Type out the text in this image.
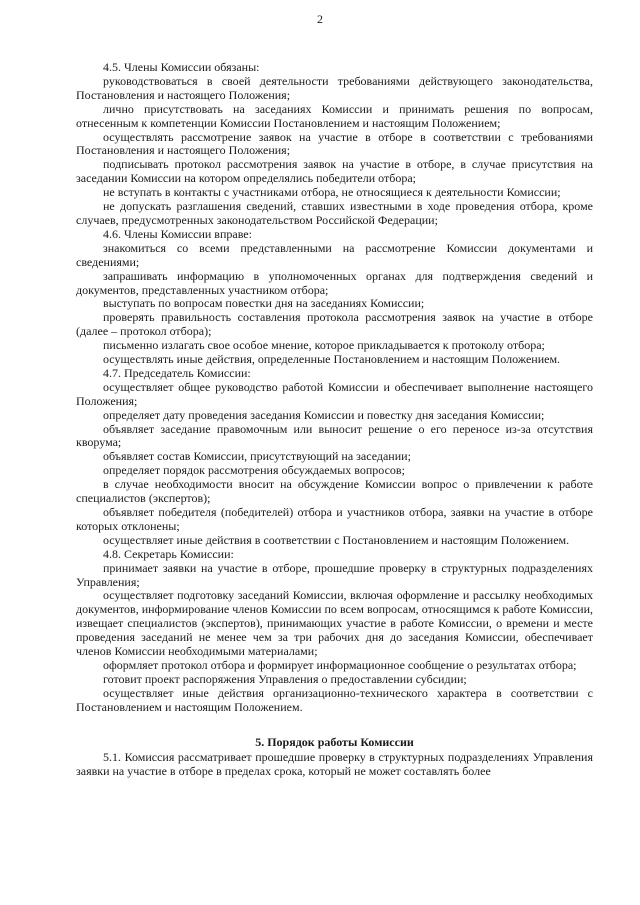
2

4.5. Члены Комиссии обязаны:

руководствоваться в своей деятельности требованиями действующего законодательства, Постановления и настоящего Положения;

лично присутствовать на заседаниях Комиссии и принимать решения по вопросам, отнесенным к компетенции Комиссии Постановлением и настоящим Положением;

осуществлять рассмотрение заявок на участие в отборе в соответствии с требованиями Постановления и настоящего Положения;

подписывать протокол рассмотрения заявок на участие в отборе, в случае присутствия на заседании Комиссии на котором определялись победители отбора;

не вступать в контакты с участниками отбора, не относящиеся к деятельности Комиссии;

не допускать разглашения сведений, ставших известными в ходе проведения отбора, кроме случаев, предусмотренных законодательством Российской Федерации;

4.6. Члены Комиссии вправе:

знакомиться со всеми представленными на рассмотрение Комиссии документами и сведениями;

запрашивать информацию в уполномоченных органах для подтверждения сведений и документов, представленных участником отбора;

выступать по вопросам повестки дня на заседаниях Комиссии;

проверять правильность составления протокола рассмотрения заявок на участие в отборе (далее – протокол отбора);

письменно излагать свое особое мнение, которое прикладывается к протоколу отбора;

осуществлять иные действия, определенные Постановлением и настоящим Положением.

4.7. Председатель Комиссии:

осуществляет общее руководство работой Комиссии и обеспечивает выполнение настоящего Положения;

определяет дату проведения заседания Комиссии и повестку дня заседания Комиссии;

объявляет заседание правомочным или выносит решение о его переносе из-за отсутствия кворума;

объявляет состав Комиссии, присутствующий на заседании;

определяет порядок рассмотрения обсуждаемых вопросов;

в случае необходимости вносит на обсуждение Комиссии вопрос о привлечении к работе специалистов (экспертов);

объявляет победителя (победителей) отбора и участников отбора, заявки на участие в отборе которых отклонены;

осуществляет иные действия в соответствии с Постановлением и настоящим Положением.

4.8. Секретарь Комиссии:

принимает заявки на участие в отборе, прошедшие проверку в структурных подразделениях Управления;

осуществляет подготовку заседаний Комиссии, включая оформление и рассылку необходимых документов, информирование членов Комиссии по всем вопросам, относящимся к работе Комиссии, извещает специалистов (экспертов), принимающих участие в работе Комиссии, о времени и месте проведения заседаний не менее чем за три рабочих дня до заседания Комиссии, обеспечивает членов Комиссии необходимыми материалами;

оформляет протокол отбора и формирует информационное сообщение о результатах отбора;

готовит проект распоряжения Управления о предоставлении субсидии;

осуществляет иные действия организационно-технического характера в соответствии с Постановлением и настоящим Положением.

5. Порядок работы Комиссии

5.1. Комиссия рассматривает прошедшие проверку в структурных подразделениях Управления заявки на участие в отборе в пределах срока, который не может составлять более
